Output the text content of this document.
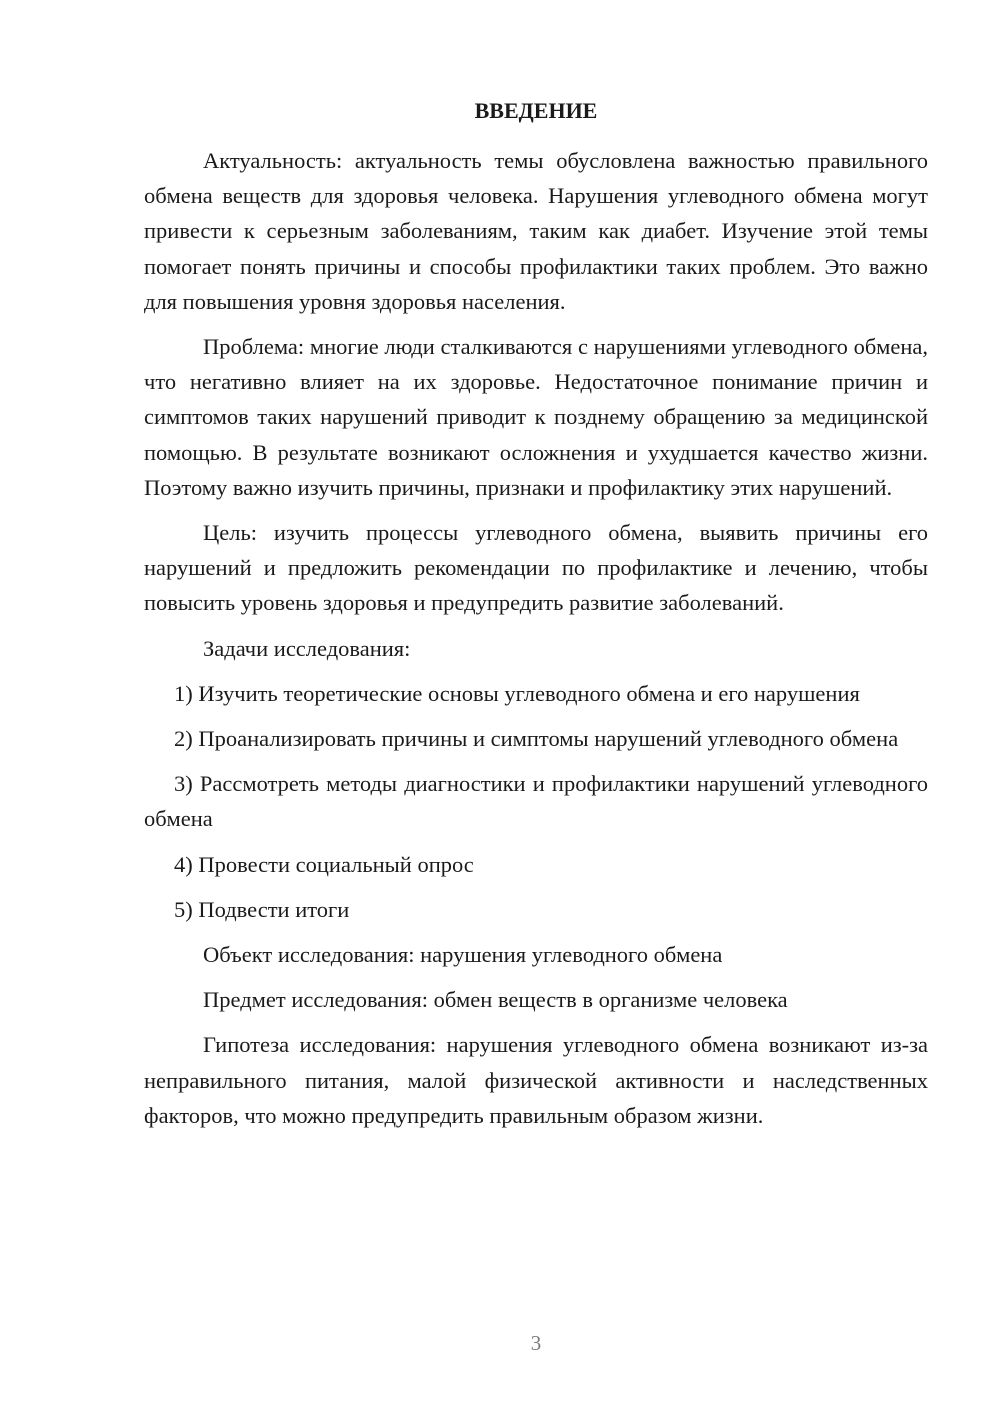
ВВЕДЕНИЕ

Актуальность: актуальность темы обусловлена важностью правильного обмена веществ для здоровья человека. Нарушения углеводного обмена могут привести к серьезным заболеваниям, таким как диабет. Изучение этой темы помогает понять причины и способы профилактики таких проблем. Это важно для повышения уровня здоровья населения.

Проблема: многие люди сталкиваются с нарушениями углеводного обмена, что негативно влияет на их здоровье. Недостаточное понимание причин и симптомов таких нарушений приводит к позднему обращению за медицинской помощью. В результате возникают осложнения и ухудшается качество жизни. Поэтому важно изучить причины, признаки и профилактику этих нарушений.

Цель: изучить процессы углеводного обмена, выявить причины его нарушений и предложить рекомендации по профилактике и лечению, чтобы повысить уровень здоровья и предупредить развитие заболеваний.

Задачи исследования:

1) Изучить теоретические основы углеводного обмена и его нарушения

2) Проанализировать причины и симптомы нарушений углеводного обмена

3) Рассмотреть методы диагностики и профилактики нарушений углеводного обмена

4) Провести социальный опрос

5) Подвести итоги

Объект исследования: нарушения углеводного обмена

Предмет исследования: обмен веществ в организме человека

Гипотеза исследования: нарушения углеводного обмена возникают из-за неправильного питания, малой физической активности и наследственных факторов, что можно предупредить правильным образом жизни.

3
